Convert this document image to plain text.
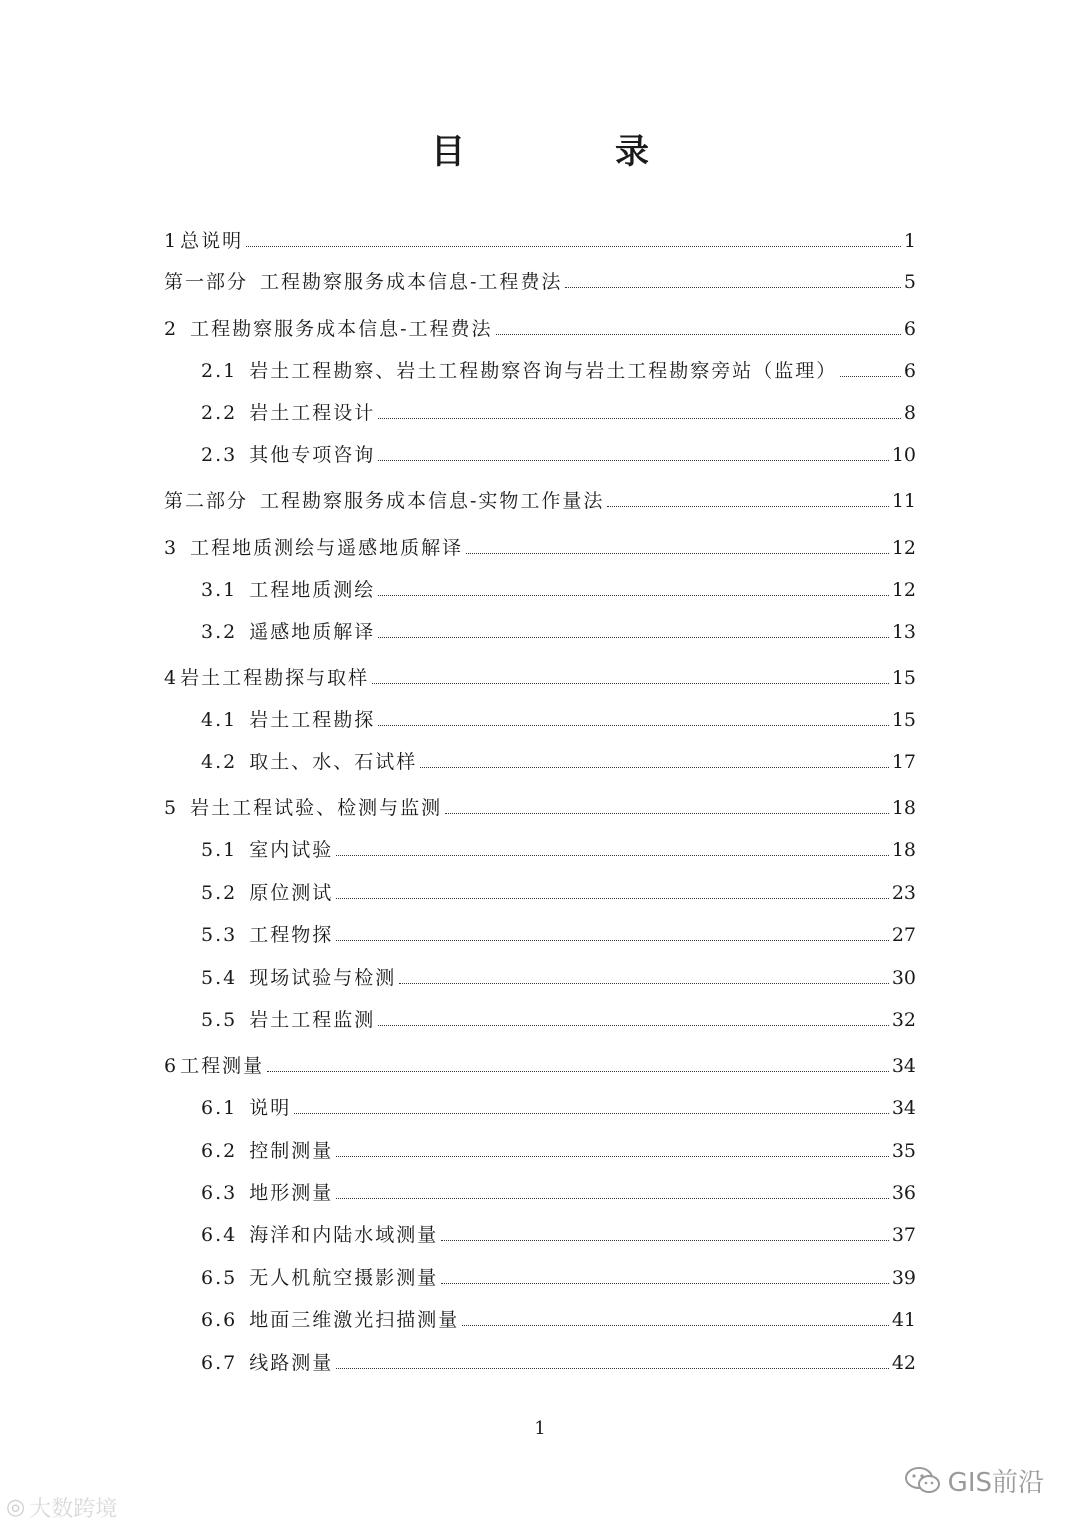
目　录
1 总说明	1
第一部分 工程勘察服务成本信息-工程费法	5
2 工程勘察服务成本信息-工程费法	6
2.1 岩土工程勘察、岩土工程勘察咨询与岩土工程勘察旁站（监理）	6
2.2 岩土工程设计	8
2.3 其他专项咨询	10
第二部分 工程勘察服务成本信息-实物工作量法	11
3 工程地质测绘与遥感地质解译	12
3.1 工程地质测绘	12
3.2 遥感地质解译	13
4 岩土工程勘探与取样	15
4.1 岩土工程勘探	15
4.2 取土、水、石试样	17
5 岩土工程试验、检测与监测	18
5.1 室内试验	18
5.2 原位测试	23
5.3 工程物探	27
5.4 现场试验与检测	30
5.5 岩土工程监测	32
6 工程测量	34
6.1 说明	34
6.2 控制测量	35
6.3 地形测量	36
6.4 海洋和内陆水域测量	37
6.5 无人机航空摄影测量	39
6.6 地面三维激光扫描测量	41
6.7 线路测量	42
1
◎ 大数跨境
GIS前沿
